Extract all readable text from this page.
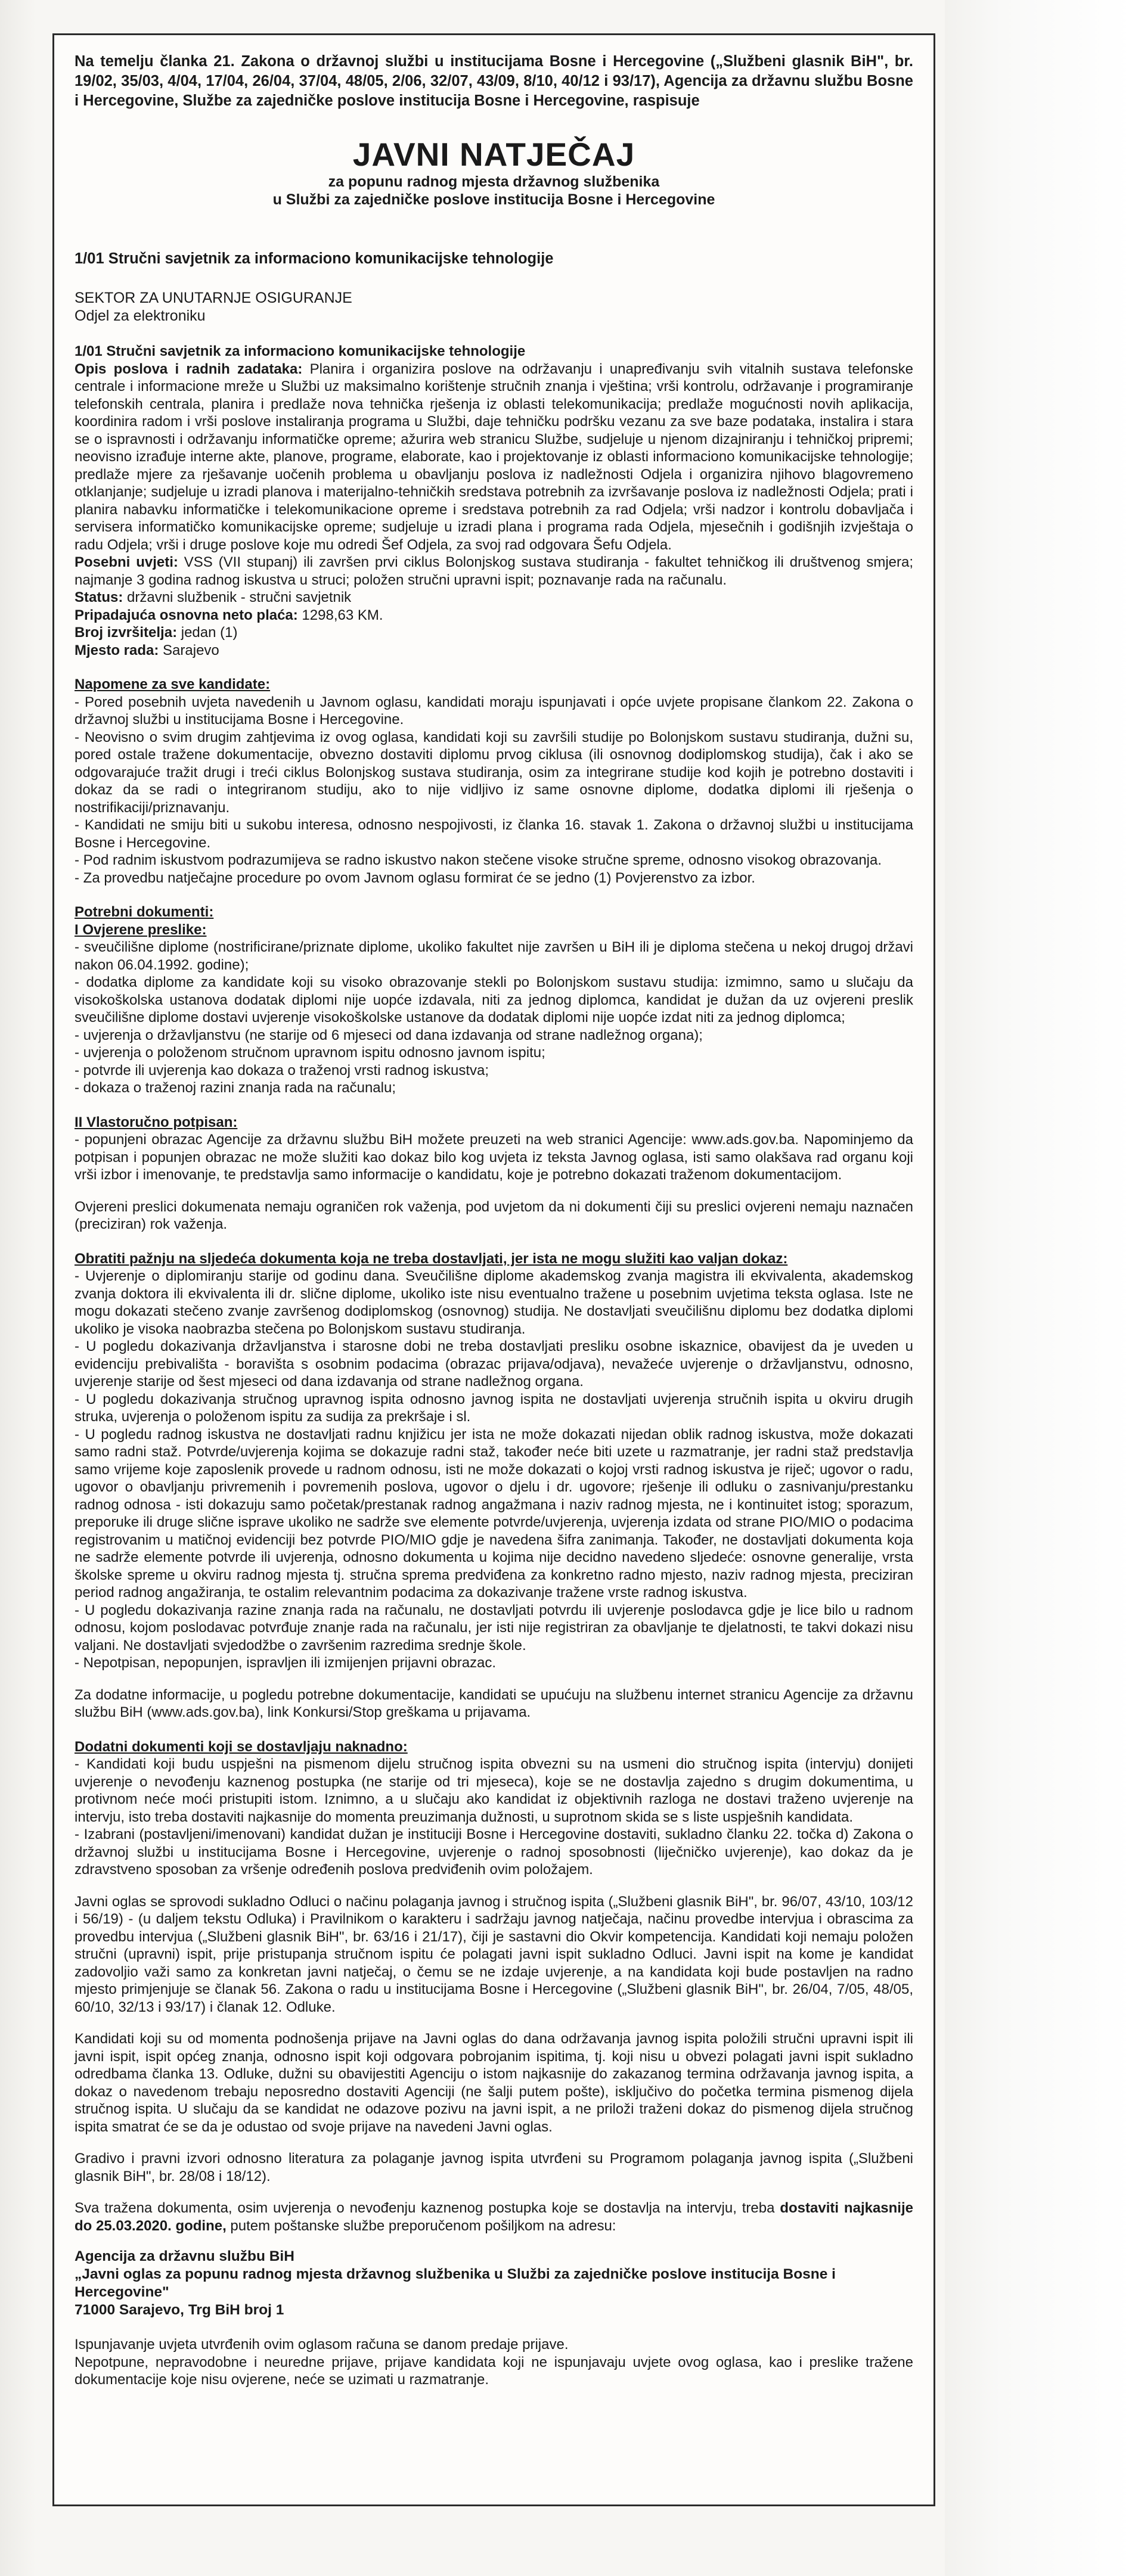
Na temelju članka 21. Zakona o državnoj službi u institucijama Bosne i Hercegovine („Službeni glasnik BiH", br. 19/02, 35/03, 4/04, 17/04, 26/04, 37/04, 48/05, 2/06, 32/07, 43/09, 8/10, 40/12 i 93/17), Agencija za državnu službu Bosne i Hercegovine, Službe za zajedničke poslove institucija Bosne i Hercegovine, raspisuje

JAVNI NATJEČAJ
za popunu radnog mjesta državnog službenika
u Službi za zajedničke poslove institucija Bosne i Hercegovine
1/01 Stručni savjetnik za informaciono komunikacijske tehnologije
SEKTOR ZA UNUTARNJE OSIGURANJE
Odjel za elektroniku

1/01 Stručni savjetnik za informaciono komunikacijske tehnologije

Opis poslova i radnih zadataka: Planira i organizira poslove na održavanju i unapređivanju svih vitalnih sustava telefonske centrale i informacione mreže u Službi uz maksimalno korištenje stručnih znanja i vještina; vrši kontrolu, održavanje i programiranje telefonskih centrala, planira i predlaže nova tehnička rješenja iz oblasti telekomunikacija; predlaže mogućnosti novih aplikacija, koordinira radom i vrši poslove instaliranja programa u Službi, daje tehničku podršku vezanu za sve baze podataka, instalira i stara se o ispravnosti i održavanju informatičke opreme; ažurira web stranicu Službe, sudjeluje u njenom dizajniranju i tehničkoj pripremi; neovisno izrađuje interne akte, planove, programe, elaborate, kao i projektovanje iz oblasti informaciono komunikacijske tehnologije; predlaže mjere za rješavanje uočenih problema u obavljanju poslova iz nadležnosti Odjela i organizira njihovo blagovremeno otklanjanje; sudjeluje u izradi planova i materijalno-tehničkih sredstava potrebnih za izvršavanje poslova iz nadležnosti Odjela; prati i planira nabavku informatičke i telekomunikacione opreme i sredstava potrebnih za rad Odjela; vrši nadzor i kontrolu dobavljača i servisera informatičko komunikacijske opreme; sudjeluje u izradi plana i programa rada Odjela, mjesečnih i godišnjih izvještaja o radu Odjela; vrši i druge poslove koje mu odredi Šef Odjela, za svoj rad odgovara Šefu Odjela.

Posebni uvjeti: VSS (VII stupanj) ili završen prvi ciklus Bolonjskog sustava studiranja - fakultet tehničkog ili društvenog smjera; najmanje 3 godina radnog iskustva u struci; položen stručni upravni ispit; poznavanje rada na računalu.

Status: državni službenik - stručni savjetnik

Pripadajuća osnovna neto plaća: 1298,63 KM.

Broj izvršitelja: jedan (1)

Mjesto rada: Sarajevo

Napomene za sve kandidate:

- Pored posebnih uvjeta navedenih u Javnom oglasu, kandidati moraju ispunjavati i opće uvjete propisane člankom 22. Zakona o državnoj službi u institucijama Bosne i Hercegovine.

- Neovisno o svim drugim zahtjevima iz ovog oglasa, kandidati koji su završili studije po Bolonjskom sustavu studiranja, dužni su, pored ostale tražene dokumentacije, obvezno dostaviti diplomu prvog ciklusa (ili osnovnog dodiplomskog studija), čak i ako se odgovarajuće tražit drugi i treći ciklus Bolonjskog sustava studiranja, osim za integrirane studije kod kojih je potrebno dostaviti i dokaz da se radi o integriranom studiju, ako to nije vidljivo iz same osnovne diplome, dodatka diplomi ili rješenja o nostrifikaciji/priznavanju.

- Kandidati ne smiju biti u sukobu interesa, odnosno nespojivosti, iz članka 16. stavak 1. Zakona o državnoj službi u institucijama Bosne i Hercegovine.

- Pod radnim iskustvom podrazumijeva se radno iskustvo nakon stečene visoke stručne spreme, odnosno visokog obrazovanja.

- Za provedbu natječajne procedure po ovom Javnom oglasu formirat će se jedno (1) Povjerenstvo za izbor.

Potrebni dokumenti:

I Ovjerene preslike:

- sveučilišne diplome (nostrificirane/priznate diplome, ukoliko fakultet nije završen u BiH ili je diploma stečena u nekoj drugoj državi nakon 06.04.1992. godine);

- dodatka diplome za kandidate koji su visoko obrazovanje stekli po Bolonjskom sustavu studija: izmimno, samo u slučaju da visokoškolska ustanova dodatak diplomi nije uopće izdavala, niti za jednog diplomca, kandidat je dužan da uz ovjereni preslik sveučilišne diplome dostavi uvjerenje visokoškolske ustanove da dodatak diplomi nije uopće izdat niti za jednog diplomca;

- uvjerenja o državljanstvu (ne starije od 6 mjeseci od dana izdavanja od strane nadležnog organa);

- uvjerenja o položenom stručnom upravnom ispitu odnosno javnom ispitu;

- potvrde ili uvjerenja kao dokaza o traženoj vrsti radnog iskustva;

- dokaza o traženoj razini znanja rada na računalu;

II Vlastoručno potpisan:

- popunjeni obrazac Agencije za državnu službu BiH možete preuzeti na web stranici Agencije: www.ads.gov.ba. Napominjemo da potpisan i popunjen obrazac ne može služiti kao dokaz bilo kog uvjeta iz teksta Javnog oglasa, isti samo olakšava rad organu koji vrši izbor i imenovanje, te predstavlja samo informacije o kandidatu, koje je potrebno dokazati traženom dokumentacijom.

Ovjereni preslici dokumenata nemaju ograničen rok važenja, pod uvjetom da ni dokumenti čiji su preslici ovjereni nemaju naznačen (preciziran) rok važenja.

Obratiti pažnju na sljedeća dokumenta koja ne treba dostavljati, jer ista ne mogu služiti kao valjan dokaz:

- Uvjerenje o diplomiranju starije od godinu dana. Sveučilišne diplome akademskog zvanja magistra ili ekvivalenta, akademskog zvanja doktora ili ekvivalenta ili dr. slične diplome, ukoliko iste nisu eventualno tražene u posebnim uvjetima teksta oglasa. Iste ne mogu dokazati stečeno zvanje završenog dodiplomskog (osnovnog) studija. Ne dostavljati sveučilišnu diplomu bez dodatka diplomi ukoliko je visoka naobrazba stečena po Bolonjskom sustavu studiranja.

- U pogledu dokazivanja državljanstva i starosne dobi ne treba dostavljati presliku osobne iskaznice, obavijest da je uveden u evidenciju prebivališta - boravišta s osobnim podacima (obrazac prijava/odjava), nevažeće uvjerenje o državljanstvu, odnosno, uvjerenje starije od šest mjeseci od dana izdavanja od strane nadležnog organa.

- U pogledu dokazivanja stručnog upravnog ispita odnosno javnog ispita ne dostavljati uvjerenja stručnih ispita u okviru drugih struka, uvjerenja o položenom ispitu za sudija za prekršaje i sl.

- U pogledu radnog iskustva ne dostavljati radnu knjižicu jer ista ne može dokazati nijedan oblik radnog iskustva, može dokazati samo radni staž. Potvrde/uvjerenja kojima se dokazuje radni staž, također neće biti uzete u razmatranje, jer radni staž predstavlja samo vrijeme koje zaposlenik provede u radnom odnosu, isti ne može dokazati o kojoj vrsti radnog iskustva je riječ; ugovor o radu, ugovor o obavljanju privremenih i povremenih poslova, ugovor o djelu i dr. ugovore; rješenje ili odluku o zasnivanju/prestanku radnog odnosa - isti dokazuju samo početak/prestanak radnog angažmana i naziv radnog mjesta, ne i kontinuitet istog; sporazum, preporuke ili druge slične isprave ukoliko ne sadrže sve elemente potvrde/uvjerenja, uvjerenja izdata od strane PIO/MIO o podacima registrovanim u matičnoj evidenciji bez potvrde PIO/MIO gdje je navedena šifra zanimanja. Također, ne dostavljati dokumenta koja ne sadrže elemente potvrde ili uvjerenja, odnosno dokumenta u kojima nije decidno navedeno sljedeće: osnovne generalije, vrsta školske spreme u okviru radnog mjesta tj. stručna sprema predviđena za konkretno radno mjesto, naziv radnog mjesta, preciziran period radnog angažiranja, te ostalim relevantnim podacima za dokazivanje tražene vrste radnog iskustva.

- U pogledu dokazivanja razine znanja rada na računalu, ne dostavljati potvrdu ili uvjerenje poslodavca gdje je lice bilo u radnom odnosu, kojom poslodavac potvrđuje znanje rada na računalu, jer isti nije registriran za obavljanje te djelatnosti, te takvi dokazi nisu valjani. Ne dostavljati svjedodžbe o završenim razredima srednje škole.

- Nepotpisan, nepopunjen, ispravljen ili izmijenjen prijavni obrazac.

Za dodatne informacije, u pogledu potrebne dokumentacije, kandidati se upućuju na službenu internet stranicu Agencije za državnu službu BiH (www.ads.gov.ba), link Konkursi/Stop greškama u prijavama.

Dodatni dokumenti koji se dostavljaju naknadno:

- Kandidati koji budu uspješni na pismenom dijelu stručnog ispita obvezni su na usmeni dio stručnog ispita (intervju) donijeti uvjerenje o nevođenju kaznenog postupka (ne starije od tri mjeseca), koje se ne dostavlja zajedno s drugim dokumentima, u protivnom neće moći pristupiti istom. Iznimno, a u slučaju ako kandidat iz objektivnih razloga ne dostavi traženo uvjerenje na intervju, isto treba dostaviti najkasnije do momenta preuzimanja dužnosti, u suprotnom skida se s liste uspješnih kandidata.

- Izabrani (postavljeni/imenovani) kandidat dužan je instituciji Bosne i Hercegovine dostaviti, sukladno članku 22. točka d) Zakona o državnoj službi u institucijama Bosne i Hercegovine, uvjerenje o radnoj sposobnosti (liječničko uvjerenje), kao dokaz da je zdravstveno sposoban za vršenje određenih poslova predviđenih ovim položajem.

Javni oglas se sprovodi sukladno Odluci o načinu polaganja javnog i stručnog ispita („Službeni glasnik BiH", br. 96/07, 43/10, 103/12 i 56/19) - (u daljem tekstu Odluka) i Pravilnikom o karakteru i sadržaju javnog natječaja, načinu provedbe intervjua i obrascima za provedbu intervjua („Službeni glasnik BiH", br. 63/16 i 21/17), čiji je sastavni dio Okvir kompetencija. Kandidati koji nemaju položen stručni (upravni) ispit, prije pristupanja stručnom ispitu će polagati javni ispit sukladno Odluci. Javni ispit na kome je kandidat zadovoljio važi samo za konkretan javni natječaj, o čemu se ne izdaje uvjerenje, a na kandidata koji bude postavljen na radno mjesto primjenjuje se članak 56. Zakona o radu u institucijama Bosne i Hercegovine („Službeni glasnik BiH", br. 26/04, 7/05, 48/05, 60/10, 32/13 i 93/17) i članak 12. Odluke.

Kandidati koji su od momenta podnošenja prijave na Javni oglas do dana održavanja javnog ispita položili stručni upravni ispit ili javni ispit, ispit općeg znanja, odnosno ispit koji odgovara pobrojanim ispitima, tj. koji nisu u obvezi polagati javni ispit sukladno odredbama članka 13. Odluke, dužni su obavijestiti Agenciju o istom najkasnije do zakazanog termina održavanja javnog ispita, a dokaz o navedenom trebaju neposredno dostaviti Agenciji (ne šalji putem pošte), isključivo do početka termina pismenog dijela stručnog ispita. U slučaju da se kandidat ne odazove pozivu na javni ispit, a ne priloži traženi dokaz do pismenog dijela stručnog ispita smatrat će se da je odustao od svoje prijave na navedeni Javni oglas.

Gradivo i pravni izvori odnosno literatura za polaganje javnog ispita utvrđeni su Programom polaganja javnog ispita („Službeni glasnik BiH", br. 28/08 i 18/12).

Sva tražena dokumenta, osim uvjerenja o nevođenju kaznenog postupka koje se dostavlja na intervju, treba dostaviti najkasnije do 25.03.2020. godine, putem poštanske službe preporučenom pošiljkom na adresu:

Agencija za državnu službu BiH
„Javni oglas za popunu radnog mjesta državnog službenika u Službi za zajedničke poslove institucija Bosne i Hercegovine"
71000 Sarajevo, Trg BiH broj 1

Ispunjavanje uvjeta utvrđenih ovim oglasom računa se danom predaje prijave.

Nepotpune, nepravodobne i neuredne prijave, prijave kandidata koji ne ispunjavaju uvjete ovog oglasa, kao i preslike tražene dokumentacije koje nisu ovjerene, neće se uzimati u razmatranje.
